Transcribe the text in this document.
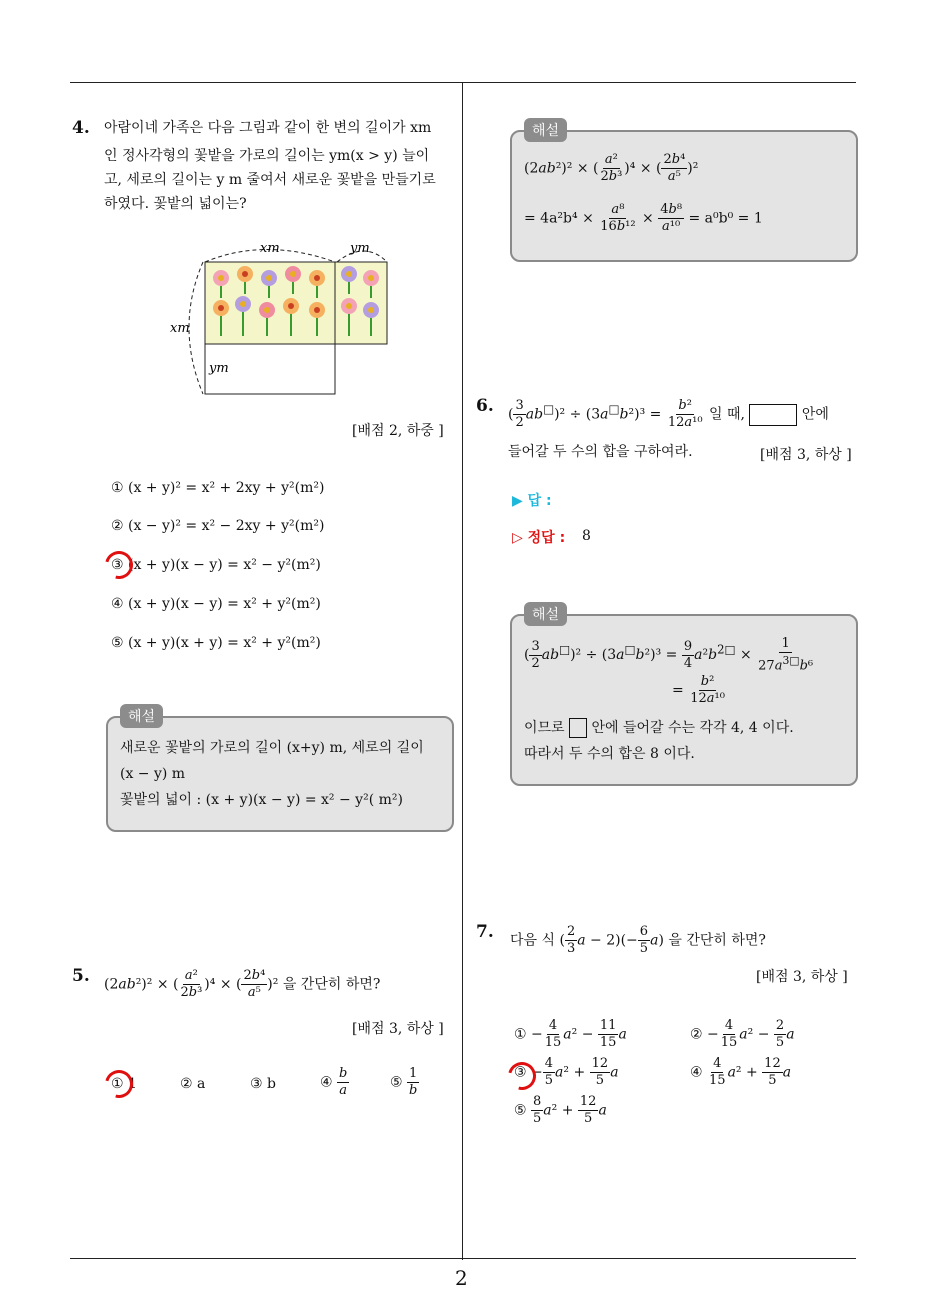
2
4. 아람이네 가족은 다음 그림과 같이 한 변의 길이가 xm
인 정사각형의 꽃밭을 가로의 길이는 ym(x > y) 늘이
고, 세로의 길이는 y m 줄여서 새로운 꽃밭을 만들기로
하였다. 꽃밭의 넓이는?
xm	ym
xm
ym
[배점 2, 하중 ]
① (x + y)² = x² + 2xy + y²(m²)
② (x − y)² = x² − 2xy + y²(m²)
③ (x + y)(x − y) = x² − y²(m²)
④ (x + y)(x − y) = x² + y²(m²)
⑤ (x + y)(x + y) = x² + y²(m²)
해설
새로운 꽃밭의 가로의 길이 (x+y) m, 세로의 길이
(x − y) m
꽃밭의 넓이 : (x + y)(x − y) = x² − y²( m²)
5. (2ab²)² × ( $\frac{\text{a²}}{\text{2b³}} )^4$ × ( $\frac{\text{2b⁴}}{\text{a⁵}} )^2$ 을 간단히 하면?
[배점 3, 하상 ]
① 1	② a	③ b	④ $\frac{b}{a}$	⑤ $\frac{1}{b}$
해설
(2ab²)² × ( $\frac{\text{a²}}{\text{2b³}} )^4$ × ( $\frac{\text{2b⁴}}{\text{a⁵}} )^2$
= $4a^2b^4 \times \frac{\text{a⁸}}{\text{16b¹²}} \times \frac{\text{4b⁸}}{\text{a¹⁰}} = a^0b^0 = 1$
6. ( $\frac{3}{2} ab^□)^2 \div (3a^□b^2)^3 = \frac{\text{b²}}{\text{12a¹⁰}}$ 일 때,	안에
들어갈 두 수의 합을 구하여라.	[배점 3, 하상 ]
▶ 답 :
▷ 정답 : 8
해설
( $\frac{3}{2} ab^□)^2 \div (3a^□b^2)^3 = \frac{9}{4} a^2b^{2□} \times \frac{1}{27a^{3□}b^6}$
= $\frac{\text{b²}}{\text{12a¹⁰}}$
이므로 안에 들어갈 수는 각각 4, 4 이다.
따라서 두 수의 합은 8 이다.
7. 다음 식 ( $\frac{2}{3}$ $a - 2)(- \frac{6}{5} a)$ 을 간단히 하면?
[배점 3, 하상 ]
① − $\frac{4}{15} a^2 - \frac{11}{15}$ a	② − $\frac{4}{15} a^2 - \frac{2}{5}$ a
③ − $\frac{4}{5} a^2 + \frac{12}{5}$ a	④ $\frac{4}{15} a^2 + \frac{12}{5}$ a
⑤ $\frac{8}{5} a^2 + \frac{12}{5}$ a
